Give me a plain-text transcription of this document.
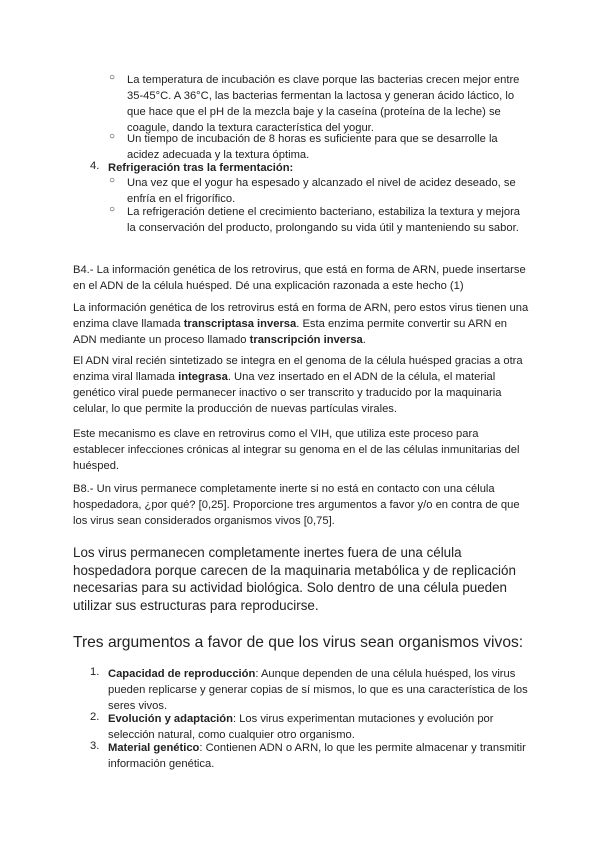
○ La temperatura de incubación es clave porque las bacterias crecen mejor entre 35-45°C. A 36°C, las bacterias fermentan la lactosa y generan ácido láctico, lo que hace que el pH de la mezcla baje y la caseína (proteína de la leche) se coagule, dando la textura característica del yogur.

○ Un tiempo de incubación de 8 horas es suficiente para que se desarrolle la acidez adecuada y la textura óptima.

4. Refrigeración tras la fermentación:

○ Una vez que el yogur ha espesado y alcanzado el nivel de acidez deseado, se enfría en el frigorífico.

○ La refrigeración detiene el crecimiento bacteriano, estabiliza la textura y mejora la conservación del producto, prolongando su vida útil y manteniendo su sabor.

B4.- La información genética de los retrovirus, que está en forma de ARN, puede insertarse en el ADN de la célula huésped. Dé una explicación razonada a este hecho (1)

La información genética de los retrovirus está en forma de ARN, pero estos virus tienen una enzima clave llamada transcriptasa inversa. Esta enzima permite convertir su ARN en ADN mediante un proceso llamado transcripción inversa.

El ADN viral recién sintetizado se integra en el genoma de la célula huésped gracias a otra enzima viral llamada integrasa. Una vez insertado en el ADN de la célula, el material genético viral puede permanecer inactivo o ser transcrito y traducido por la maquinaria celular, lo que permite la producción de nuevas partículas virales.

Este mecanismo es clave en retrovirus como el VIH, que utiliza este proceso para establecer infecciones crónicas al integrar su genoma en el de las células inmunitarias del huésped.

B8.- Un virus permanece completamente inerte si no está en contacto con una célula hospedadora, ¿por qué? [0,25]. Proporcione tres argumentos a favor y/o en contra de que los virus sean considerados organismos vivos [0,75].

Los virus permanecen completamente inertes fuera de una célula hospedadora porque carecen de la maquinaria metabólica y de replicación necesarias para su actividad biológica. Solo dentro de una célula pueden utilizar sus estructuras para reproducirse.

Tres argumentos a favor de que los virus sean organismos vivos:
1. Capacidad de reproducción: Aunque dependen de una célula huésped, los virus pueden replicarse y generar copias de sí mismos, lo que es una característica de los seres vivos.

2. Evolución y adaptación: Los virus experimentan mutaciones y evolución por selección natural, como cualquier otro organismo.

3. Material genético: Contienen ADN o ARN, lo que les permite almacenar y transmitir información genética.
